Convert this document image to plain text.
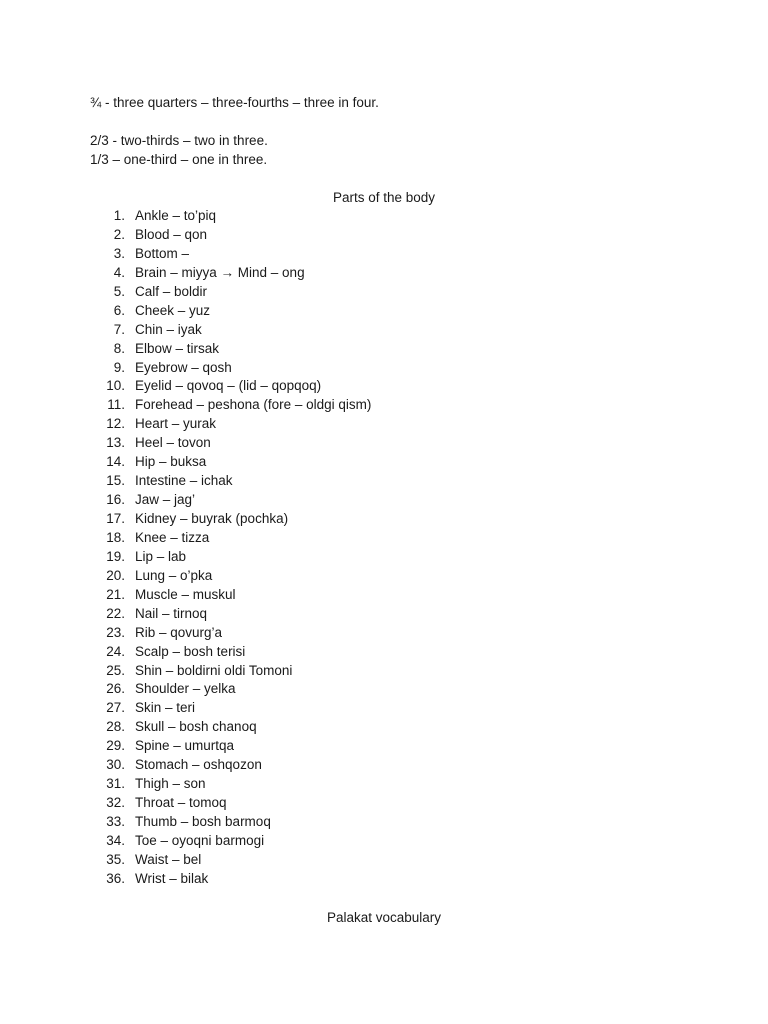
¾ - three quarters – three-fourths – three in four.
2/3 - two-thirds – two in three.
1/3 – one-third – one in three.
Parts of the body
1. Ankle – to’piq
2. Blood – qon
3. Bottom –
4. Brain – miyya → Mind – ong
5. Calf – boldir
6. Cheek – yuz
7. Chin – iyak
8. Elbow – tirsak
9. Eyebrow – qosh
10. Eyelid – qovoq – (lid – qopqoq)
11. Forehead – peshona (fore – oldgi qism)
12. Heart – yurak
13. Heel – tovon
14. Hip – buksa
15. Intestine – ichak
16. Jaw – jag’
17. Kidney – buyrak (pochka)
18. Knee – tizza
19. Lip – lab
20. Lung – o’pka
21. Muscle – muskul
22. Nail – tirnoq
23. Rib – qovurg’a
24. Scalp – bosh terisi
25. Shin – boldirni oldi Tomoni
26. Shoulder – yelka
27. Skin – teri
28. Skull – bosh chanoq
29. Spine – umurtqa
30. Stomach – oshqozon
31. Thigh – son
32. Throat – tomoq
33. Thumb – bosh barmoq
34. Toe – oyoqni barmogi
35. Waist – bel
36. Wrist – bilak
Palakat vocabulary
